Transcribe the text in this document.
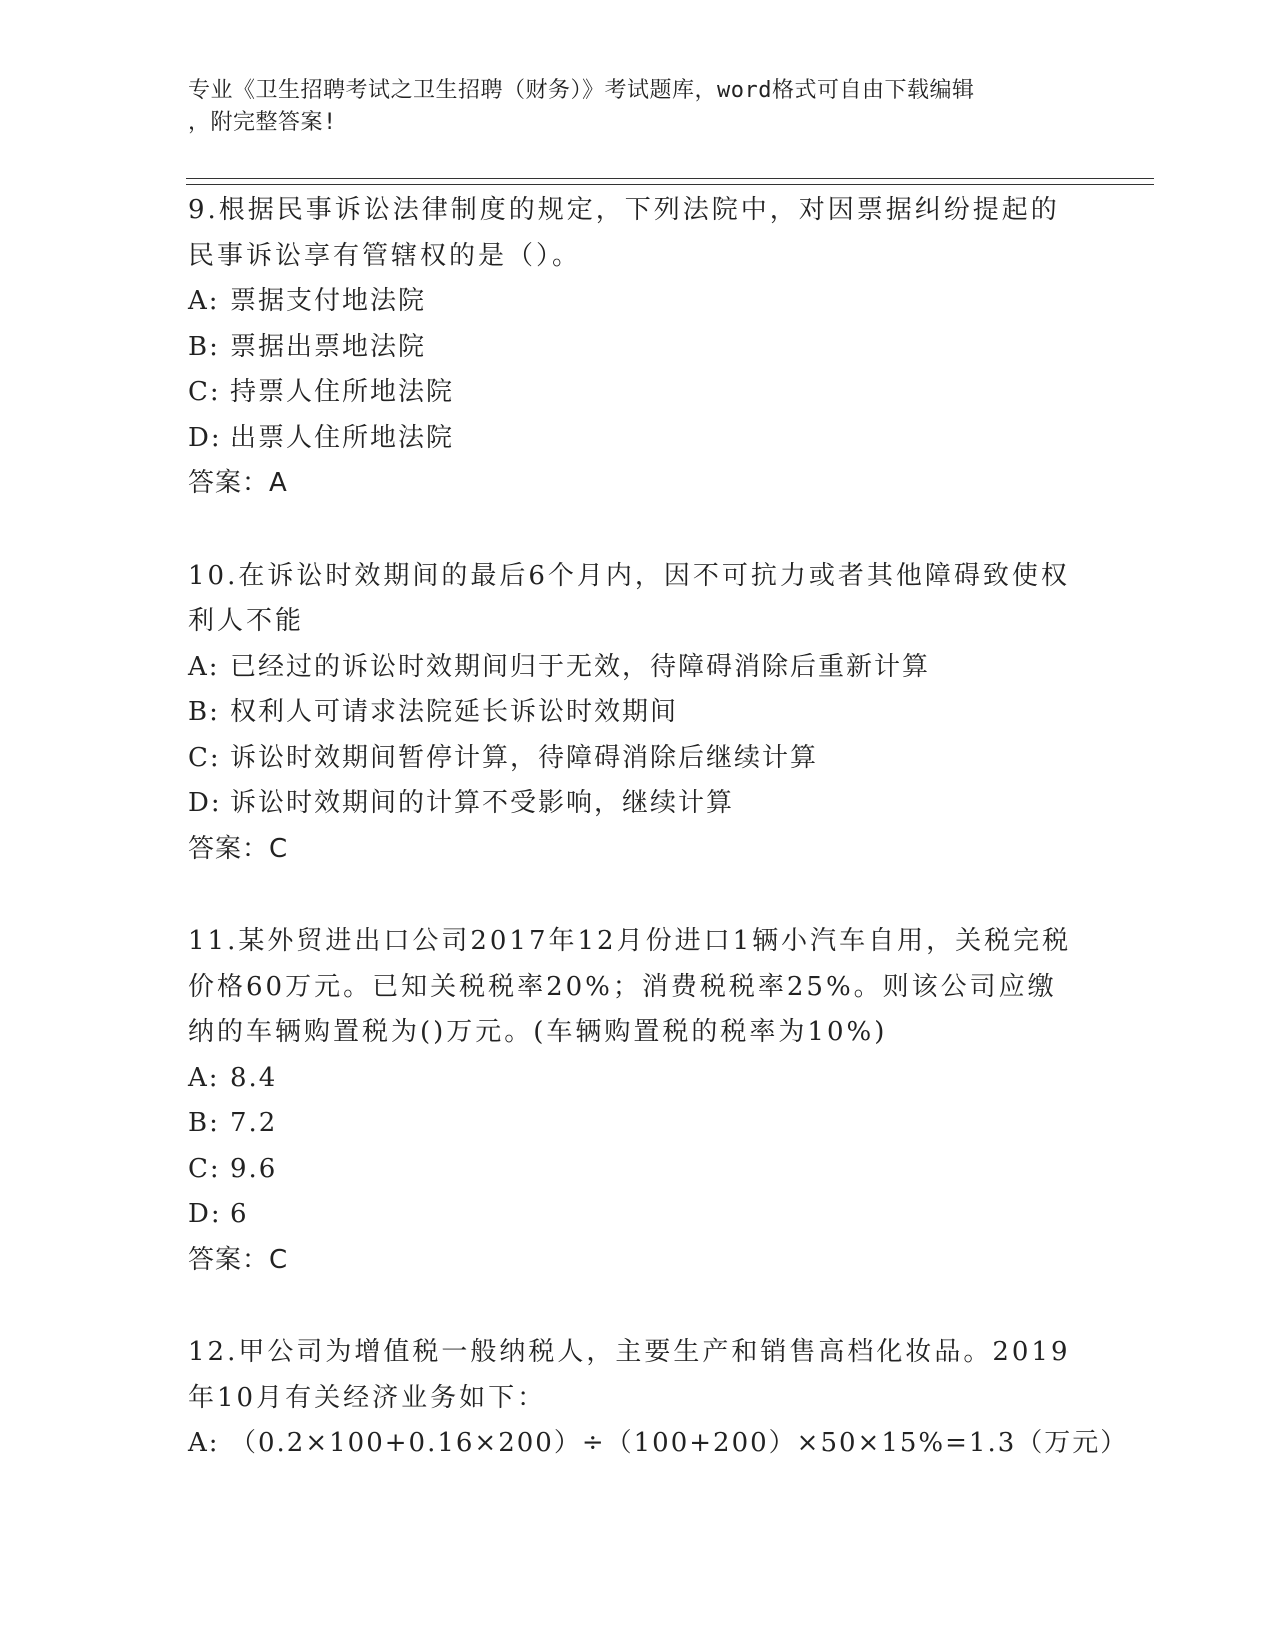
专业《卫生招聘考试之卫生招聘（财务）》考试题库，word格式可自由下载编辑
，附完整答案!
9.根据民事诉讼法律制度的规定，下列法院中，对因票据纠纷提起的
民事诉讼享有管辖权的是（）。
A: 票据支付地法院
B: 票据出票地法院
C: 持票人住所地法院
D: 出票人住所地法院
答案：A
10.在诉讼时效期间的最后6个月内，因不可抗力或者其他障碍致使权
利人不能
A: 已经过的诉讼时效期间归于无效，待障碍消除后重新计算
B: 权利人可请求法院延长诉讼时效期间
C: 诉讼时效期间暂停计算，待障碍消除后继续计算
D: 诉讼时效期间的计算不受影响，继续计算
答案：C
11.某外贸进出口公司2017年12月份进口1辆小汽车自用，关税完税
价格60万元。已知关税税率20%；消费税税率25%。则该公司应缴
纳的车辆购置税为()万元。(车辆购置税的税率为10%)
A: 8.4
B: 7.2
C: 9.6
D: 6
答案：C
12.甲公司为增值税一般纳税人，主要生产和销售高档化妆品。2019
年10月有关经济业务如下：
A: （0.2×100+0.16×200）÷（100+200）×50×15%=1.3（万元）
